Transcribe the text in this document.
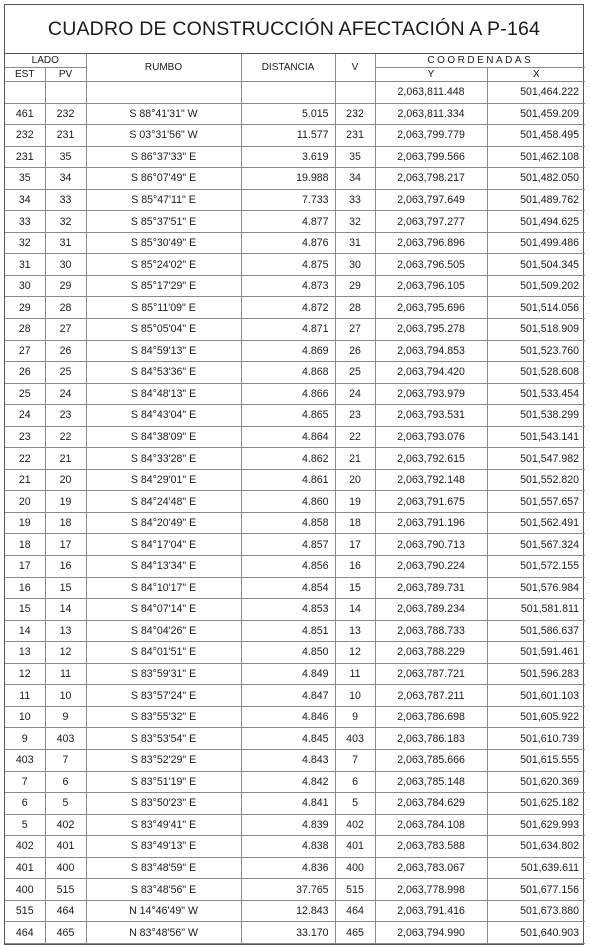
CUADRO DE CONSTRUCCIÓN AFECTACIÓN A P-164
LADO		RUMBO	DISTANCIA	V	COORDENADAS	
EST	PV				Y	X
					2,063,811.448	501,464.222
461	232	S 88°41'31" W	5.015	232	2,063,811.334	501,459.209
232	231	S 03°31'56" W	11.577	231	2,063,799.779	501,458.495
231	35	S 86°37'33" E	3.619	35	2,063,799.566	501,462.108
35	34	S 86°07'49" E	19.988	34	2,063,798.217	501,482.050
34	33	S 85°47'11" E	7.733	33	2,063,797.649	501,489.762
33	32	S 85°37'51" E	4.877	32	2,063,797.277	501,494.625
32	31	S 85°30'49" E	4.876	31	2,063,796.896	501,499.486
31	30	S 85°24'02" E	4.875	30	2,063,796.505	501,504.345
30	29	S 85°17'29" E	4.873	29	2,063,796.105	501,509.202
29	28	S 85°11'09" E	4.872	28	2,063,795.696	501,514.056
28	27	S 85°05'04" E	4.871	27	2,063,795.278	501,518.909
27	26	S 84°59'13" E	4.869	26	2,063,794.853	501,523.760
26	25	S 84°53'36" E	4.868	25	2,063,794.420	501,528.608
25	24	S 84°48'13" E	4.866	24	2,063,793.979	501,533.454
24	23	S 84°43'04" E	4.865	23	2,063,793.531	501,538.299
23	22	S 84°38'09" E	4.864	22	2,063,793.076	501,543.141
22	21	S 84°33'28" E	4.862	21	2,063,792.615	501,547.982
21	20	S 84°29'01" E	4.861	20	2,063,792.148	501,552.820
20	19	S 84°24'48" E	4.860	19	2,063,791.675	501,557.657
19	18	S 84°20'49" E	4.858	18	2,063,791.196	501,562.491
18	17	S 84°17'04" E	4.857	17	2,063,790.713	501,567.324
17	16	S 84°13'34" E	4.856	16	2,063,790.224	501,572.155
16	15	S 84°10'17" E	4.854	15	2,063,789.731	501,576.984
15	14	S 84°07'14" E	4.853	14	2,063,789.234	501,581.811
14	13	S 84°04'26" E	4.851	13	2,063,788.733	501,586.637
13	12	S 84°01'51" E	4.850	12	2,063,788.229	501,591.461
12	11	S 83°59'31" E	4.849	11	2,063,787.721	501,596.283
11	10	S 83°57'24" E	4.847	10	2,063,787.211	501,601.103
10	9	S 83°55'32" E	4.846	9	2,063,786.698	501,605.922
9	403	S 83°53'54" E	4.845	403	2,063,786.183	501,610.739
403	7	S 83°52'29" E	4.843	7	2,063,785.666	501,615.555
7	6	S 83°51'19" E	4.842	6	2,063,785.148	501,620.369
6	5	S 83°50'23" E	4.841	5	2,063,784.629	501,625.182
5	402	S 83°49'41" E	4.839	402	2,063,784.108	501,629.993
402	401	S 83°49'13" E	4.838	401	2,063,783.588	501,634.802
401	400	S 83°48'59" E	4.836	400	2,063,783.067	501,639.611
400	515	S 83°48'56" E	37.765	515	2,063,778.998	501,677.156
515	464	N 14°46'49" W	12.843	464	2,063,791.416	501,673.880
464	465	N 83°48'56" W	33.170	465	2,063,794.990	501,640.903
